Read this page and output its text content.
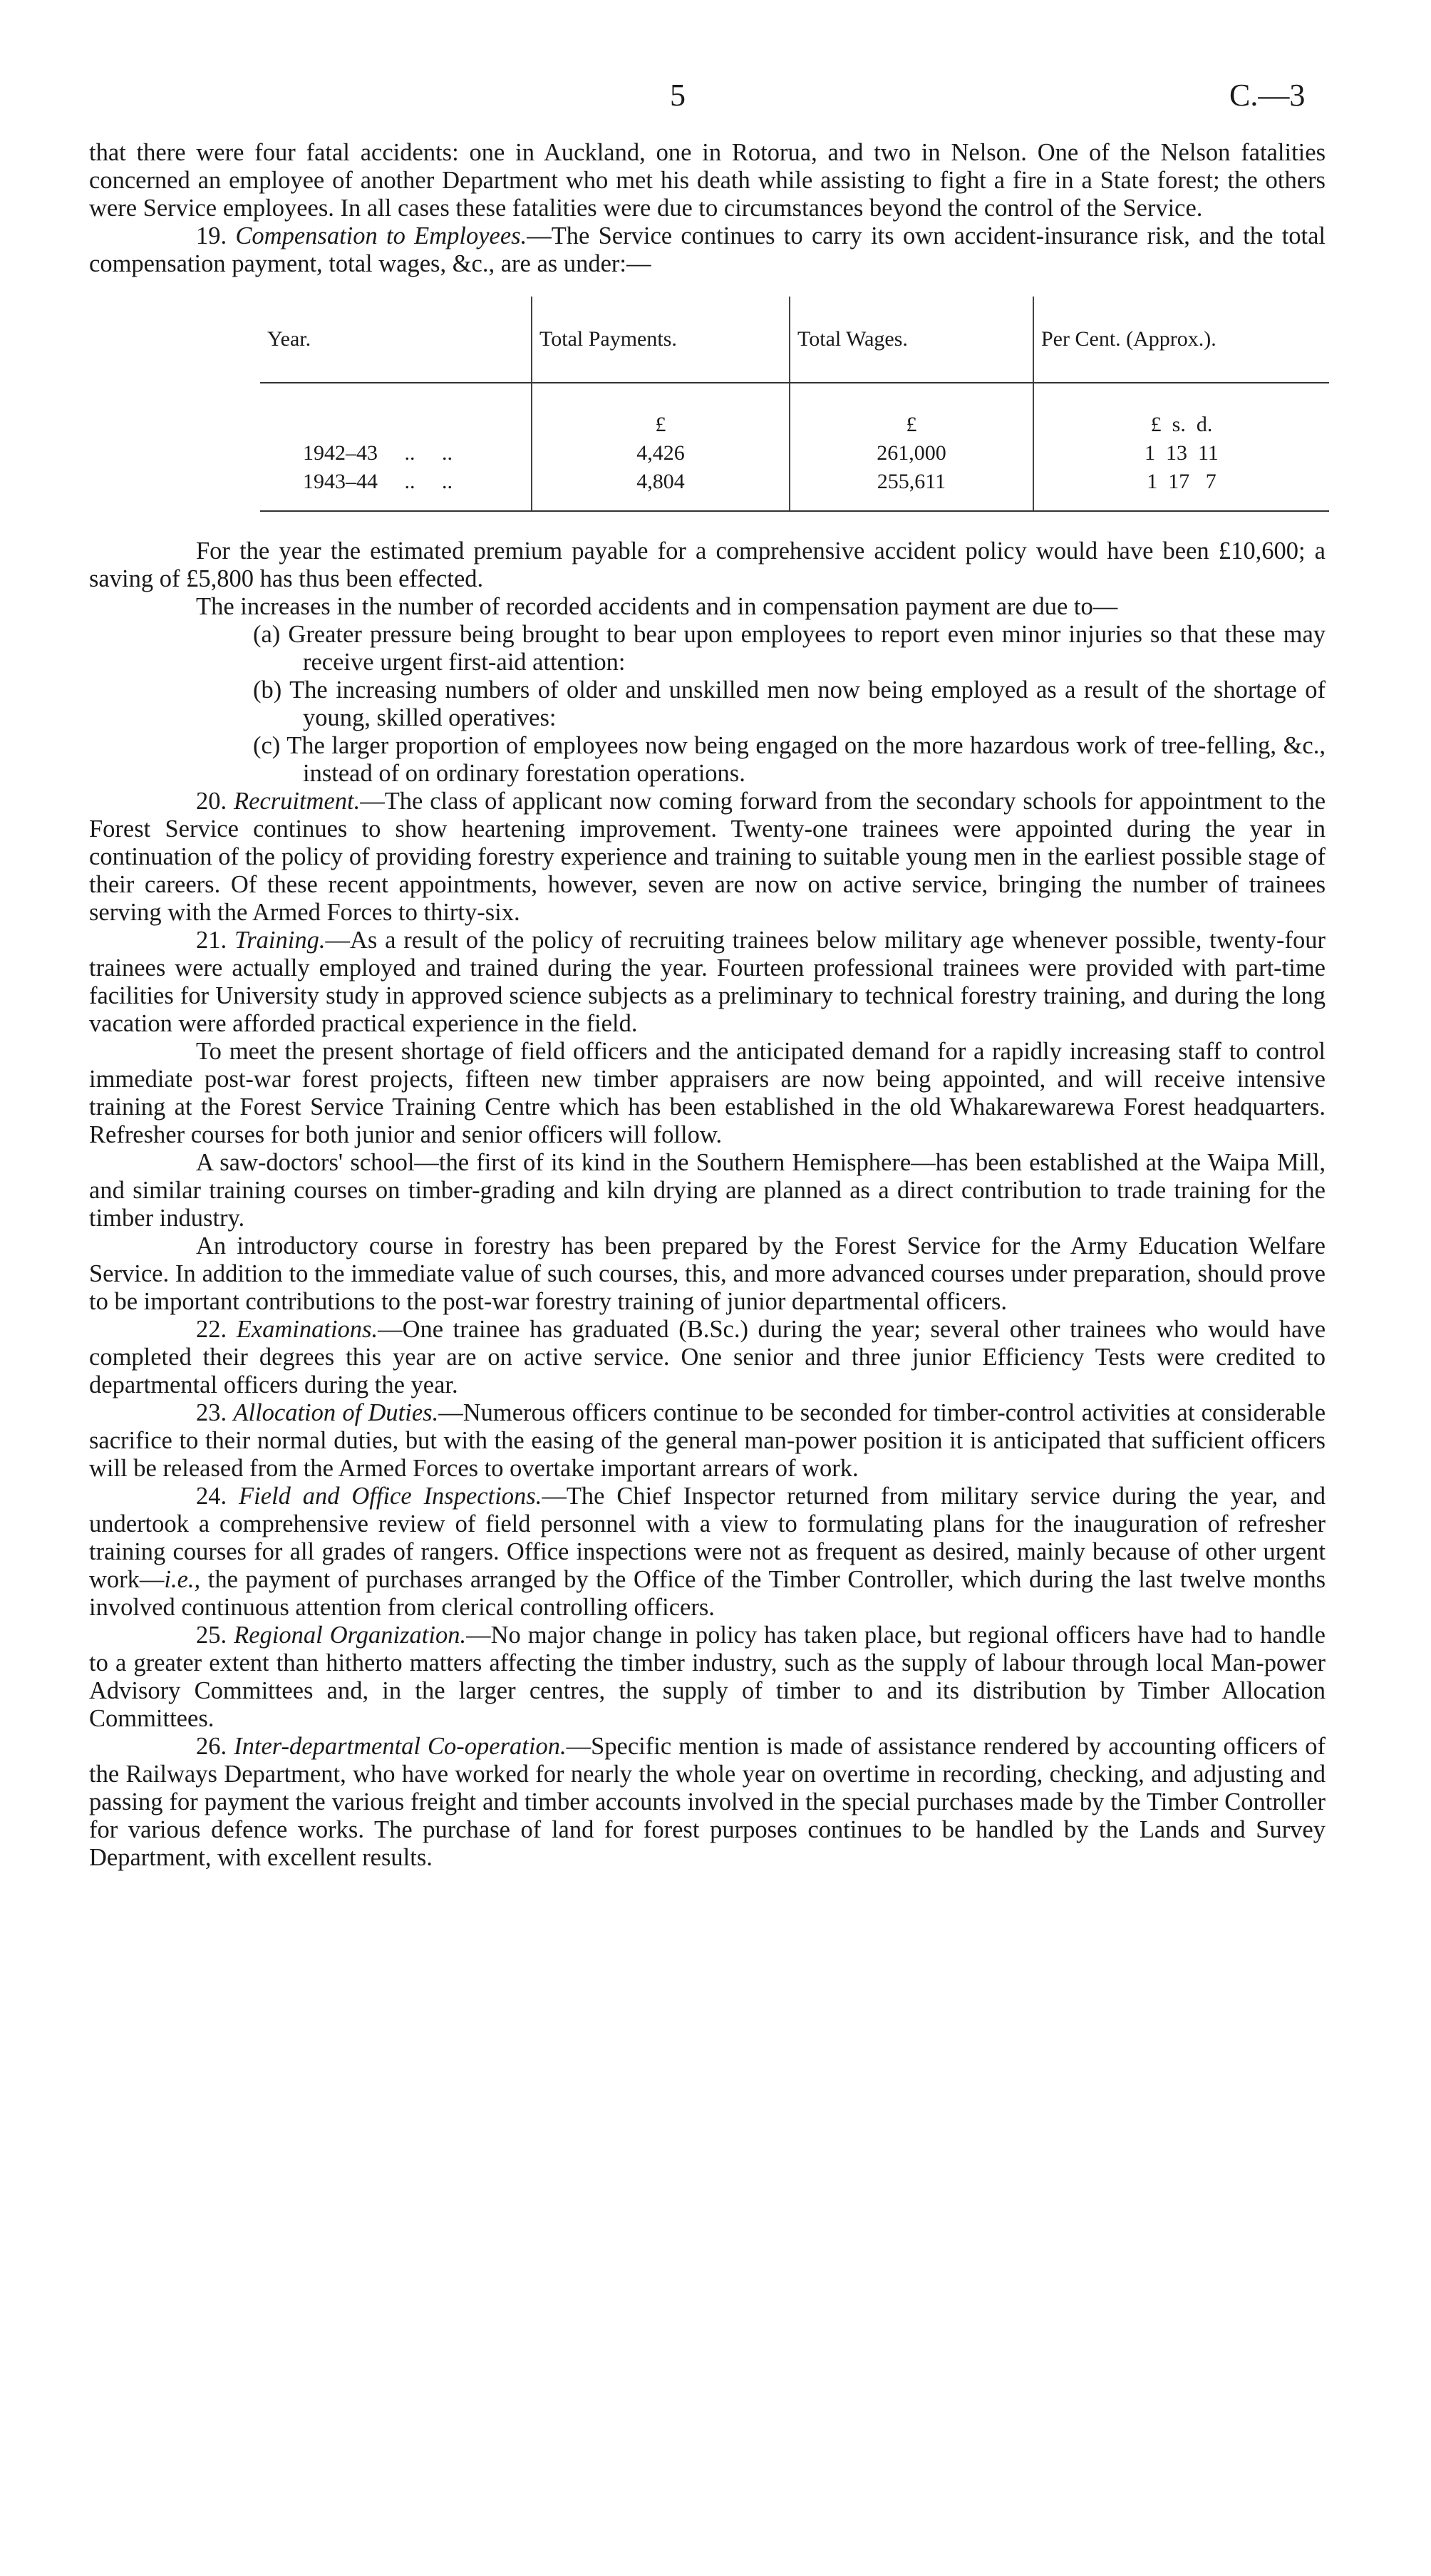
5	C.—3

that there were four fatal accidents: one in Auckland, one in Rotorua, and two in Nelson. One of the Nelson fatalities concerned an employee of another Department who met his death while assisting to fight a fire in a State forest; the others were Service employees. In all cases these fatalities were due to circumstances beyond the control of the Service.

19. Compensation to Employees.—The Service continues to carry its own accident-insurance risk, and the total compensation payment, total wages, &c., are as under:—

Year.	Total Payments.	Total Wages.	Per Cent. (Approx.).
	£	£	£  s.  d.
1942–43 ..     ..	4,426	261,000	1  13  11
1943–44 ..     ..	4,804	255,611	1  17   7

For the year the estimated premium payable for a comprehensive accident policy would have been £10,600; a saving of £5,800 has thus been effected.

The increases in the number of recorded accidents and in compensation payment are due to—

(a) Greater pressure being brought to bear upon employees to report even minor injuries so that these may receive urgent first-aid attention:

(b) The increasing numbers of older and unskilled men now being employed as a result of the shortage of young, skilled operatives:

(c) The larger proportion of employees now being engaged on the more hazardous work of tree-felling, &c., instead of on ordinary forestation operations.

20. Recruitment.—The class of applicant now coming forward from the secondary schools for appointment to the Forest Service continues to show heartening improvement. Twenty-one trainees were appointed during the year in continuation of the policy of providing forestry experience and training to suitable young men in the earliest possible stage of their careers. Of these recent appointments, however, seven are now on active service, bringing the number of trainees serving with the Armed Forces to thirty-six.

21. Training.—As a result of the policy of recruiting trainees below military age whenever possible, twenty-four trainees were actually employed and trained during the year. Fourteen professional trainees were provided with part-time facilities for University study in approved science subjects as a preliminary to technical forestry training, and during the long vacation were afforded practical experience in the field.

To meet the present shortage of field officers and the anticipated demand for a rapidly increasing staff to control immediate post-war forest projects, fifteen new timber appraisers are now being appointed, and will receive intensive training at the Forest Service Training Centre which has been established in the old Whakarewarewa Forest headquarters. Refresher courses for both junior and senior officers will follow.

A saw-doctors' school—the first of its kind in the Southern Hemisphere—has been established at the Waipa Mill, and similar training courses on timber-grading and kiln drying are planned as a direct contribution to trade training for the timber industry.

An introductory course in forestry has been prepared by the Forest Service for the Army Education Welfare Service. In addition to the immediate value of such courses, this, and more advanced courses under preparation, should prove to be important contributions to the post-war forestry training of junior departmental officers.

22. Examinations.—One trainee has graduated (B.Sc.) during the year; several other trainees who would have completed their degrees this year are on active service. One senior and three junior Efficiency Tests were credited to departmental officers during the year.

23. Allocation of Duties.—Numerous officers continue to be seconded for timber-control activities at considerable sacrifice to their normal duties, but with the easing of the general man-power position it is anticipated that sufficient officers will be released from the Armed Forces to overtake important arrears of work.

24. Field and Office Inspections.—The Chief Inspector returned from military service during the year, and undertook a comprehensive review of field personnel with a view to formulating plans for the inauguration of refresher training courses for all grades of rangers. Office inspections were not as frequent as desired, mainly because of other urgent work—i.e., the payment of purchases arranged by the Office of the Timber Controller, which during the last twelve months involved continuous attention from clerical controlling officers.

25. Regional Organization.—No major change in policy has taken place, but regional officers have had to handle to a greater extent than hitherto matters affecting the timber industry, such as the supply of labour through local Man-power Advisory Committees and, in the larger centres, the supply of timber to and its distribution by Timber Allocation Committees.

26. Inter-departmental Co-operation.—Specific mention is made of assistance rendered by accounting officers of the Railways Department, who have worked for nearly the whole year on overtime in recording, checking, and adjusting and passing for payment the various freight and timber accounts involved in the special purchases made by the Timber Controller for various defence works. The purchase of land for forest purposes continues to be handled by the Lands and Survey Department, with excellent results.
